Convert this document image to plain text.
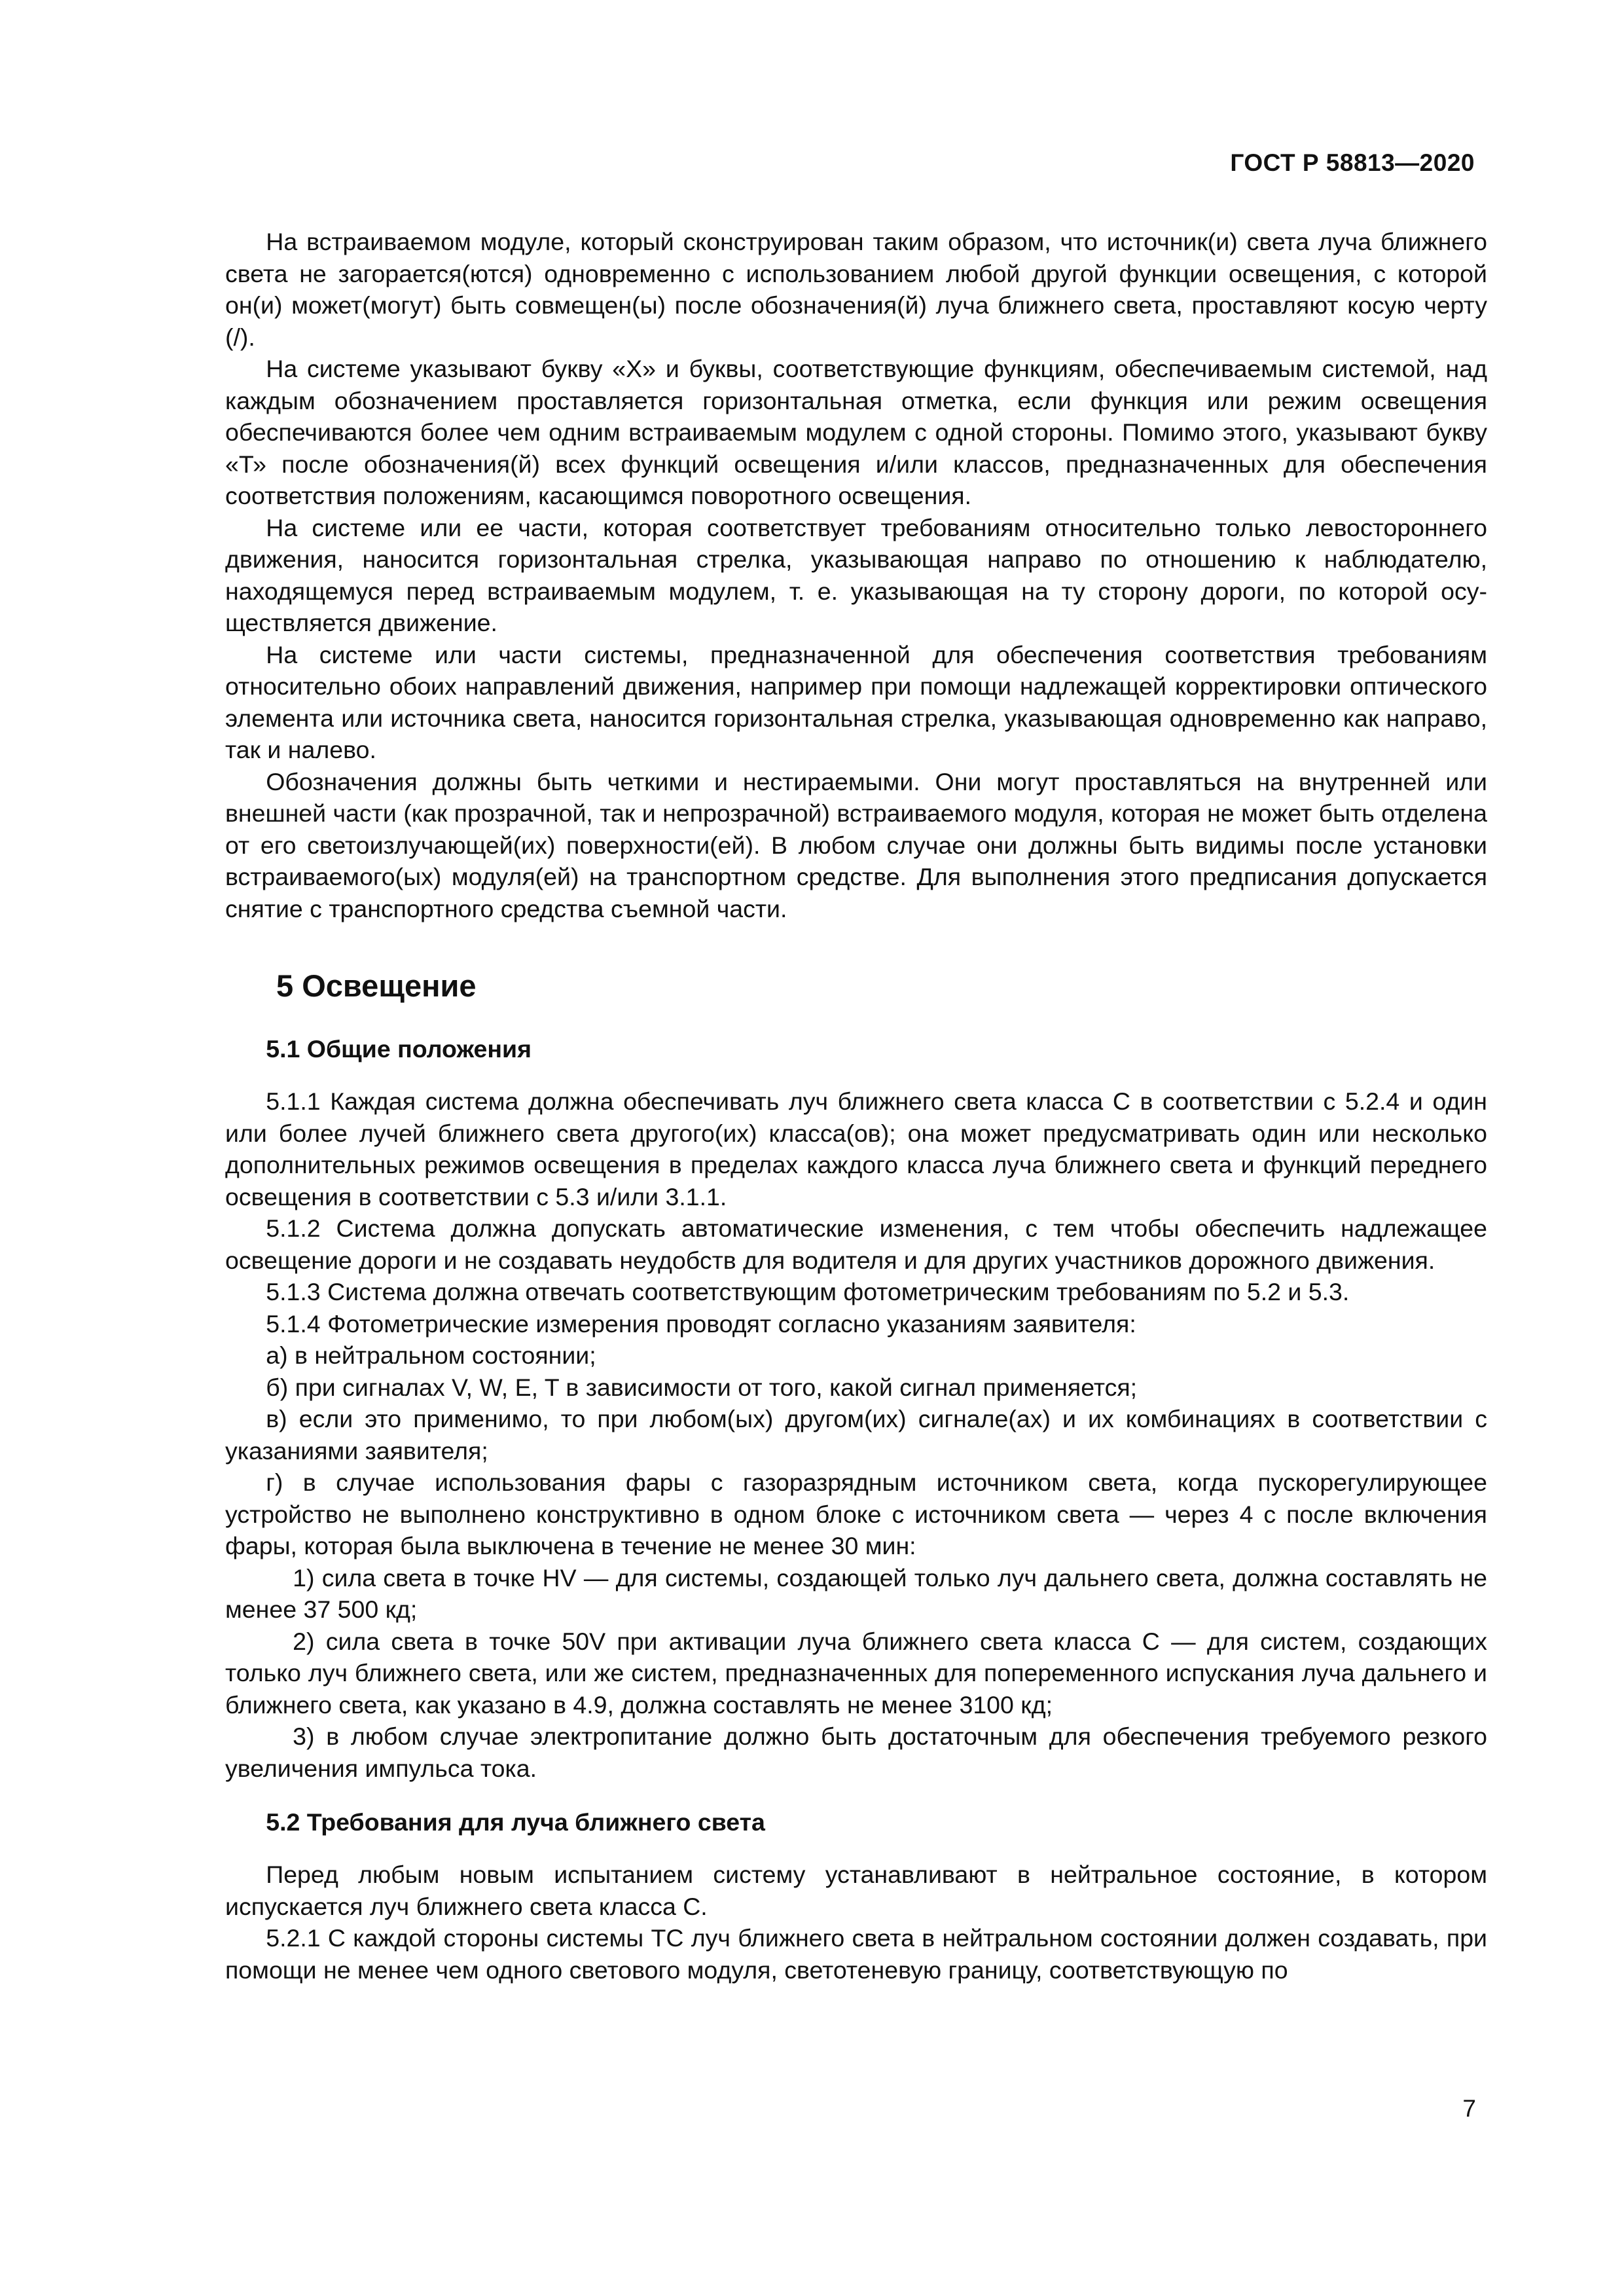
ГОСТ Р 58813—2020

На встраиваемом модуле, который сконструирован таким образом, что источник(и) света луча ближнего света не загорается(ются) одновременно с использованием любой другой функции освещения, с которой он(и) может(могут) быть совмещен(ы) после обозначения(й) луча ближнего света, проставляют косую черту (/).

На системе указывают букву «X» и буквы, соответствующие функциям, обеспечиваемым системой, над каждым обозначением проставляется горизонтальная отметка, если функция или режим освещения обеспечиваются более чем одним встраиваемым модулем с одной стороны. Помимо этого, указывают букву «Т» после обозначения(й) всех функций освещения и/или классов, предназначенных для обеспечения соответствия положениям, касающимся поворотного освещения.

На системе или ее части, которая соответствует требованиям относительно только левостороннего движения, наносится горизонтальная стрелка, указывающая направо по отношению к наблюдателю, находящемуся перед встраиваемым модулем, т. е. указывающая на ту сторону дороги, по которой осуществляется движение.

На системе или части системы, предназначенной для обеспечения соответствия требованиям относительно обоих направлений движения, например при помощи надлежащей корректировки оптического элемента или источника света, наносится горизонтальная стрелка, указывающая одновременно как направо, так и налево.

Обозначения должны быть четкими и нестираемыми. Они могут проставляться на внутренней или внешней части (как прозрачной, так и непрозрачной) встраиваемого модуля, которая не может быть отделена от его светоизлучающей(их) поверхности(ей). В любом случае они должны быть видимы после установки встраиваемого(ых) модуля(ей) на транспортном средстве. Для выполнения этого предписания допускается снятие с транспортного средства съемной части.

5 Освещение
5.1 Общие положения

5.1.1 Каждая система должна обеспечивать луч ближнего света класса С в соответствии с 5.2.4 и один или более лучей ближнего света другого(их) класса(ов); она может предусматривать один или несколько дополнительных режимов освещения в пределах каждого класса луча ближнего света и функций переднего освещения в соответствии с 5.3 и/или 3.1.1.

5.1.2 Система должна допускать автоматические изменения, с тем чтобы обеспечить надлежащее освещение дороги и не создавать неудобств для водителя и для других участников дорожного движения.

5.1.3 Система должна отвечать соответствующим фотометрическим требованиям по 5.2 и 5.3.

5.1.4 Фотометрические измерения проводят согласно указаниям заявителя:

а) в нейтральном состоянии;

б) при сигналах V, W, E, T в зависимости от того, какой сигнал применяется;

в) если это применимо, то при любом(ых) другом(их) сигнале(ах) и их комбинациях в соответствии с указаниями заявителя;

г) в случае использования фары с газоразрядным источником света, когда пускорегулирующее устройство не выполнено конструктивно в одном блоке с источником света — через 4 с после включения фары, которая была выключена в течение не менее 30 мин:

1) сила света в точке HV — для системы, создающей только луч дальнего света, должна составлять не менее 37 500 кд;

2) сила света в точке 50V при активации луча ближнего света класса С — для систем, создающих только луч ближнего света, или же систем, предназначенных для попеременного испускания луча дальнего и ближнего света, как указано в 4.9, должна составлять не менее 3100 кд;

3) в любом случае электропитание должно быть достаточным для обеспечения требуемого резкого увеличения импульса тока.

5.2 Требования для луча ближнего света

Перед любым новым испытанием систему устанавливают в нейтральное состояние, в котором испускается луч ближнего света класса С.

5.2.1 С каждой стороны системы ТС луч ближнего света в нейтральном состоянии должен создавать, при помощи не менее чем одного светового модуля, светотеневую границу, соответствующую по

7
